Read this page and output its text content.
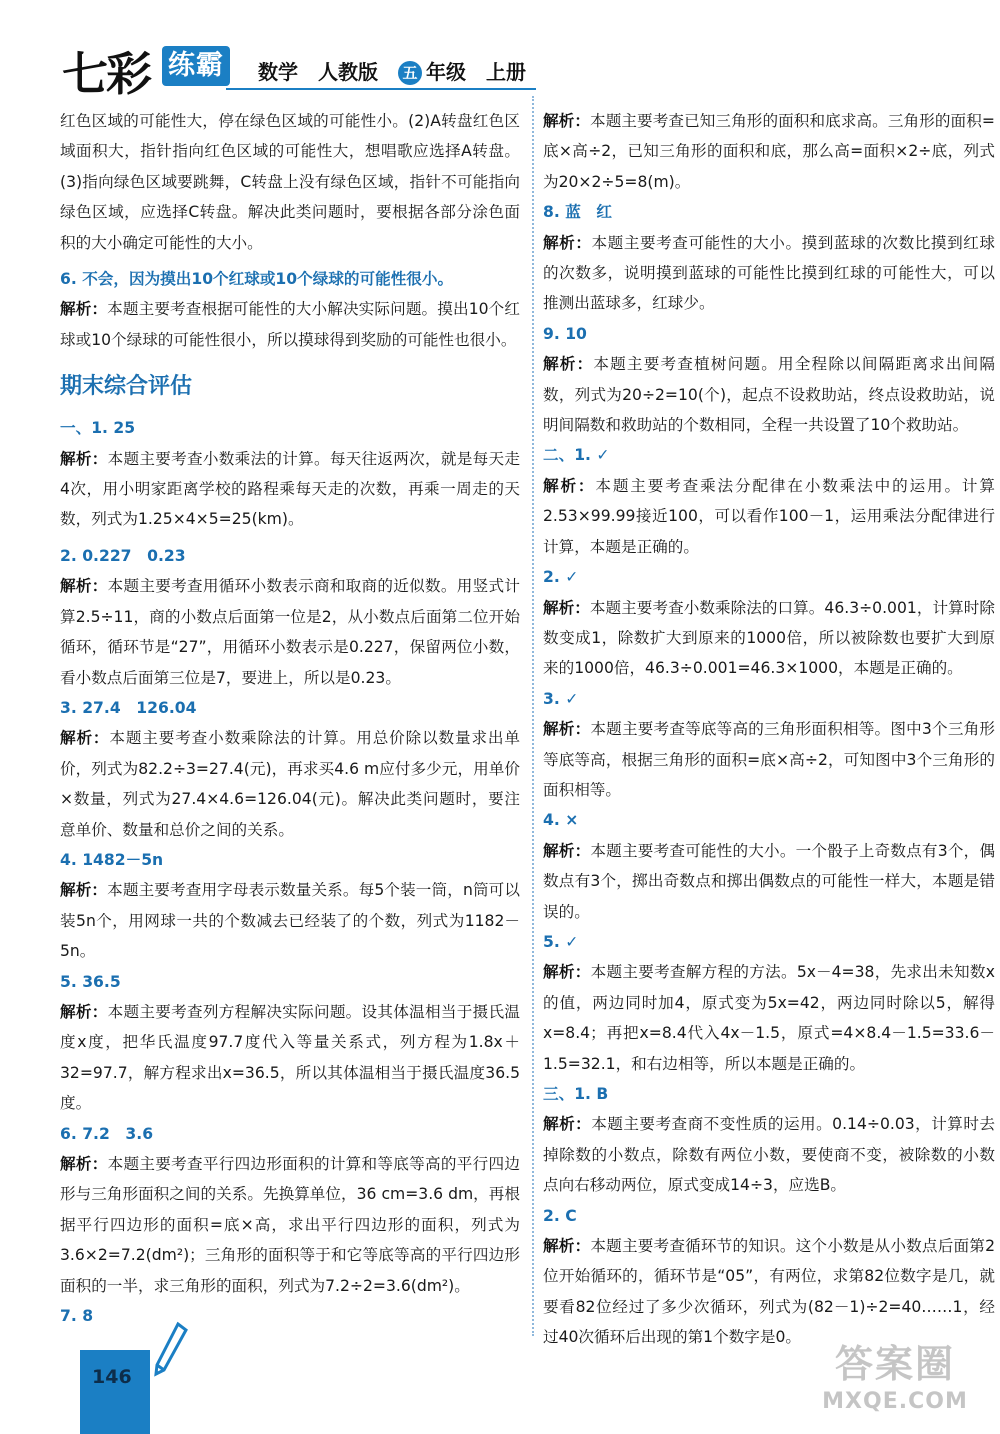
七彩 练霸	数学 人教版 五 年级 上册

红色区域的可能性大，停在绿色区域的可能性小。(2)A转盘红色区域面积大，指针指向红色区域的可能性大，想唱歌应选择A转盘。(3)指向绿色区域要跳舞，C转盘上没有绿色区域，指针不可能指向绿色区域，应选择C转盘。解决此类问题时，要根据各部分涂色面积的大小确定可能性的大小。

6. 不会，因为摸出10个红球或10个绿球的可能性很小。

解析：本题主要考查根据可能性的大小解决实际问题。摸出10个红球或10个绿球的可能性很小，所以摸球得到奖励的可能性也很小。

期末综合评估

一、1. 25

解析：本题主要考查小数乘法的计算。每天往返两次，就是每天走4次，用小明家距离学校的路程乘每天走的次数，再乘一周走的天数，列式为1.25×4×5=25(km)。

2. 0.227　0.23

解析：本题主要考查用循环小数表示商和取商的近似数。用竖式计算2.5÷11，商的小数点后面第一位是2，从小数点后面第二位开始循环，循环节是“27”，用循环小数表示是0.227，保留两位小数，看小数点后面第三位是7，要进上，所以是0.23。

3. 27.4　126.04

解析：本题主要考查小数乘除法的计算。用总价除以数量求出单价，列式为82.2÷3=27.4(元)，再求买4.6 m应付多少元，用单价×数量，列式为27.4×4.6=126.04(元)。解决此类问题时，要注意单价、数量和总价之间的关系。

4. 1482－5n

解析：本题主要考查用字母表示数量关系。每5个装一筒，n筒可以装5n个，用网球一共的个数减去已经装了的个数，列式为1182－5n。

5. 36.5

解析：本题主要考查列方程解决实际问题。设其体温相当于摄氏温度x度，把华氏温度97.7度代入等量关系式，列方程为1.8x＋32=97.7，解方程求出x=36.5，所以其体温相当于摄氏温度36.5度。

6. 7.2　3.6

解析：本题主要考查平行四边形面积的计算和等底等高的平行四边形与三角形面积之间的关系。先换算单位，36 cm=3.6 dm，再根据平行四边形的面积=底×高，求出平行四边形的面积，列式为3.6×2=7.2(dm²)；三角形的面积等于和它等底等高的平行四边形面积的一半，求三角形的面积，列式为7.2÷2=3.6(dm²)。

7. 8

解析：本题主要考查已知三角形的面积和底求高。三角形的面积=底×高÷2，已知三角形的面积和底，那么高=面积×2÷底，列式为20×2÷5=8(m)。

8. 蓝　红

解析：本题主要考查可能性的大小。摸到蓝球的次数比摸到红球的次数多，说明摸到蓝球的可能性比摸到红球的可能性大，可以推测出蓝球多，红球少。

9. 10

解析：本题主要考查植树问题。用全程除以间隔距离求出间隔数，列式为20÷2=10(个)，起点不设救助站，终点设救助站，说明间隔数和救助站的个数相同，全程一共设置了10个救助站。

二、1. ✓

解析：本题主要考查乘法分配律在小数乘法中的运用。计算2.53×99.99接近100，可以看作100－1，运用乘法分配律进行计算，本题是正确的。

2. ✓

解析：本题主要考查小数乘除法的口算。46.3÷0.001，计算时除数变成1，除数扩大到原来的1000倍，所以被除数也要扩大到原来的1000倍，46.3÷0.001=46.3×1000，本题是正确的。

3. ✓

解析：本题主要考查等底等高的三角形面积相等。图中3个三角形等底等高，根据三角形的面积=底×高÷2，可知图中3个三角形的面积相等。

4. ×

解析：本题主要考查可能性的大小。一个骰子上奇数点有3个，偶数点有3个，掷出奇数点和掷出偶数点的可能性一样大，本题是错误的。

5. ✓

解析：本题主要考查解方程的方法。5x－4=38，先求出未知数x的值，两边同时加4，原式变为5x=42，两边同时除以5，解得x=8.4；再把x=8.4代入4x－1.5，原式=4×8.4－1.5=33.6－1.5=32.1，和右边相等，所以本题是正确的。

三、1. B

解析：本题主要考查商不变性质的运用。0.14÷0.03，计算时去掉除数的小数点，除数有两位小数，要使商不变，被除数的小数点向右移动两位，原式变成14÷3，应选B。

2. C

解析：本题主要考查循环节的知识。这个小数是从小数点后面第2位开始循环的，循环节是“05”，有两位，求第82位数字是几，就要看82位经过了多少次循环，列式为(82－1)÷2=40……1，经过40次循环后出现的第1个数字是0。

146	答案圈
MXQE.COM
